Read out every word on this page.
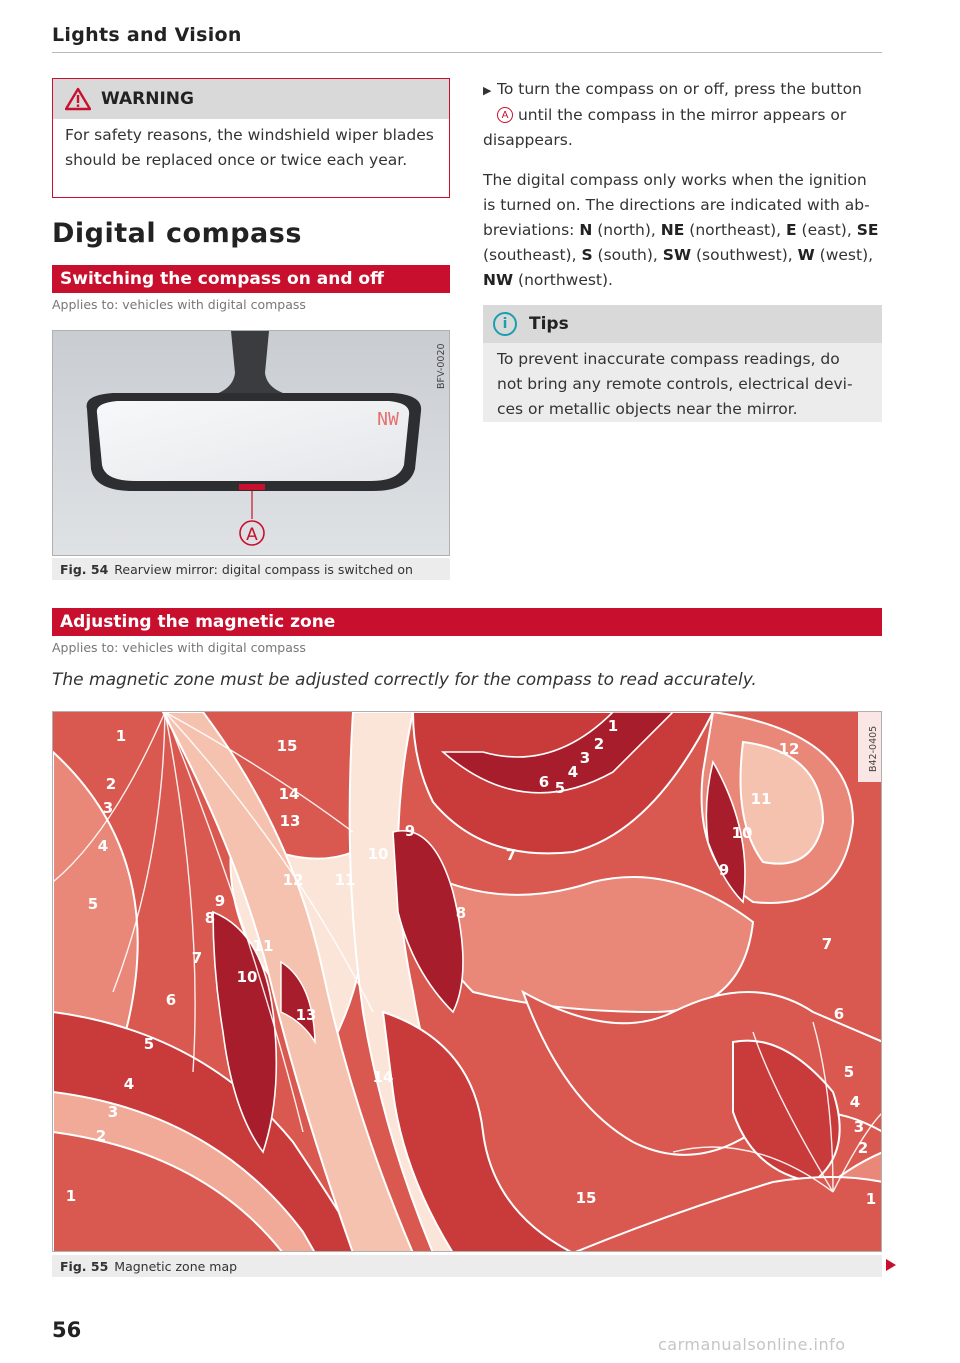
Lights and Vision
WARNING
For safety reasons, the windshield wiper blades should be replaced once or twice each year.
Digital compass
Switching the compass on and off
Applies to: vehicles with digital compass
A
NW
BFV-0020
Fig. 54 Rearview mirror: digital compass is switched on
▶ To turn the compass on or off, press the button
A until the compass in the mirror appears or disappears.
The digital compass only works when the ignition is turned on. The directions are indicated with ab-breviations: N (north), NE (northeast), E (east), SE (southeast), S (south), SW (southwest), W (west), NW (northwest).
i	Tips
To prevent inaccurate compass readings, do not bring any remote controls, electrical devi-ces or metallic objects near the mirror.
Adjusting the magnetic zone
Applies to: vehicles with digital compass
The magnetic zone must be adjusted correctly for the compass to read accurately.
B42-0405
1
2
3
4
5
15
14
13
12 11
10
9
9
8
7
6
5
4
3
2
1
11
10
13
14
15
1
2
3
4
5
6
7
8
9
10
11
12
7
6
5
4
3
2
1
Fig. 55 Magnetic zone map
56
carmanualsonline.info
